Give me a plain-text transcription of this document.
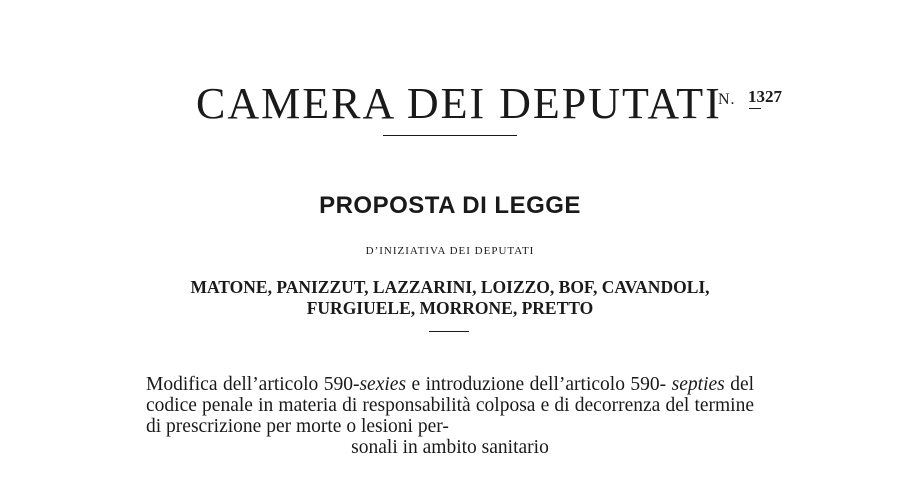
CAMERA DEI DEPUTATI
N. 1327
PROPOSTA DI LEGGE
D’INIZIATIVA DEI DEPUTATI
MATONE, PANIZZUT, LAZZARINI, LOIZZO, BOF, CAVANDOLI,
FURGIUELE, MORRONE, PRETTO
Modifica dell’articolo 590-sexies e introduzione dell’articolo 590- septies del codice penale in materia di responsabilità colposa e di decorrenza del termine di prescrizione per morte o lesioni per-
sonali in ambito sanitario
